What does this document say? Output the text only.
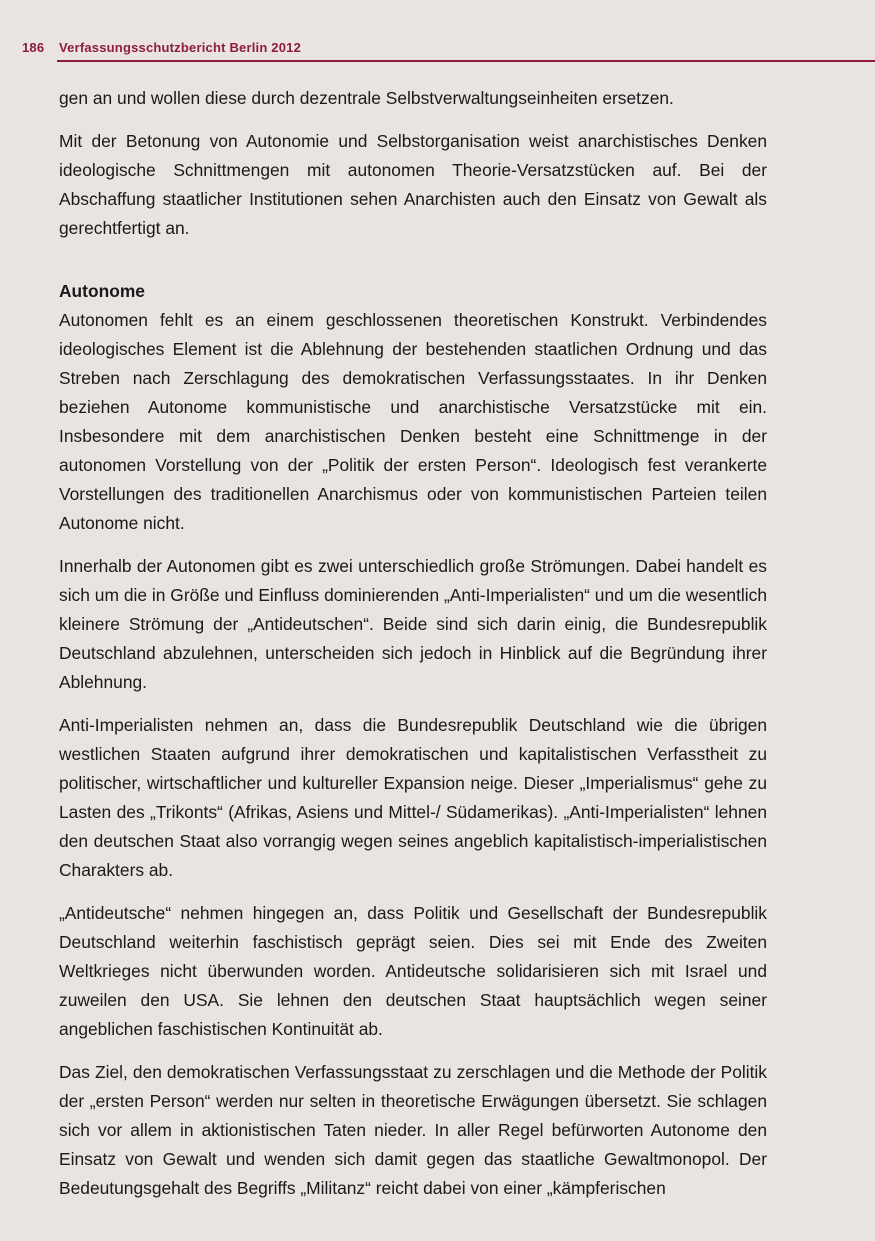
186 Verfassungsschutzbericht Berlin 2012

gen an und wollen diese durch dezentrale Selbstverwaltungseinheiten ersetzen.

Mit der Betonung von Autonomie und Selbstorganisation weist anarchistisches Denken ideologische Schnittmengen mit autonomen Theorie-Versatzstücken auf. Bei der Abschaffung staatlicher Institutionen sehen Anarchisten auch den Einsatz von Gewalt als gerechtfertigt an.

Autonome

Autonomen fehlt es an einem geschlossenen theoretischen Konstrukt. Verbindendes ideologisches Element ist die Ablehnung der bestehenden staatlichen Ordnung und das Streben nach Zerschlagung des demokratischen Verfassungsstaates. In ihr Denken beziehen Autonome kommunistische und anarchistische Versatzstücke mit ein. Insbesondere mit dem anarchistischen Denken besteht eine Schnittmenge in der autonomen Vorstellung von der „Politik der ersten Person“. Ideologisch fest verankerte Vorstellungen des traditionellen Anarchismus oder von kommunistischen Parteien teilen Autonome nicht.

Innerhalb der Autonomen gibt es zwei unterschiedlich große Strömungen. Dabei handelt es sich um die in Größe und Einfluss dominierenden „Anti-Imperialisten“ und um die wesentlich kleinere Strömung der „Antideutschen“. Beide sind sich darin einig, die Bundesrepublik Deutschland abzulehnen, unterscheiden sich jedoch in Hinblick auf die Begründung ihrer Ablehnung.

Anti-Imperialisten nehmen an, dass die Bundesrepublik Deutschland wie die übrigen westlichen Staaten aufgrund ihrer demokratischen und kapitalistischen Verfasstheit zu politischer, wirtschaftlicher und kultureller Expansion neige. Dieser „Imperialismus“ gehe zu Lasten des „Trikonts“ (Afrikas, Asiens und Mittel-/ Südamerikas). „Anti-Imperialisten“ lehnen den deutschen Staat also vorrangig wegen seines angeblich kapitalistisch-imperialistischen Charakters ab.

„Antideutsche“ nehmen hingegen an, dass Politik und Gesellschaft der Bundesrepublik Deutschland weiterhin faschistisch geprägt seien. Dies sei mit Ende des Zweiten Weltkrieges nicht überwunden worden. Antideutsche solidarisieren sich mit Israel und zuweilen den USA. Sie lehnen den deutschen Staat hauptsächlich wegen seiner angeblichen faschistischen Kontinuität ab.

Das Ziel, den demokratischen Verfassungsstaat zu zerschlagen und die Methode der Politik der „ersten Person“ werden nur selten in theoretische Erwägungen übersetzt. Sie schlagen sich vor allem in aktionistischen Taten nieder. In aller Regel befürworten Autonome den Einsatz von Gewalt und wenden sich damit gegen das staatliche Gewaltmonopol. Der Bedeutungsgehalt des Begriffs „Militanz“ reicht dabei von einer „kämpferischen
